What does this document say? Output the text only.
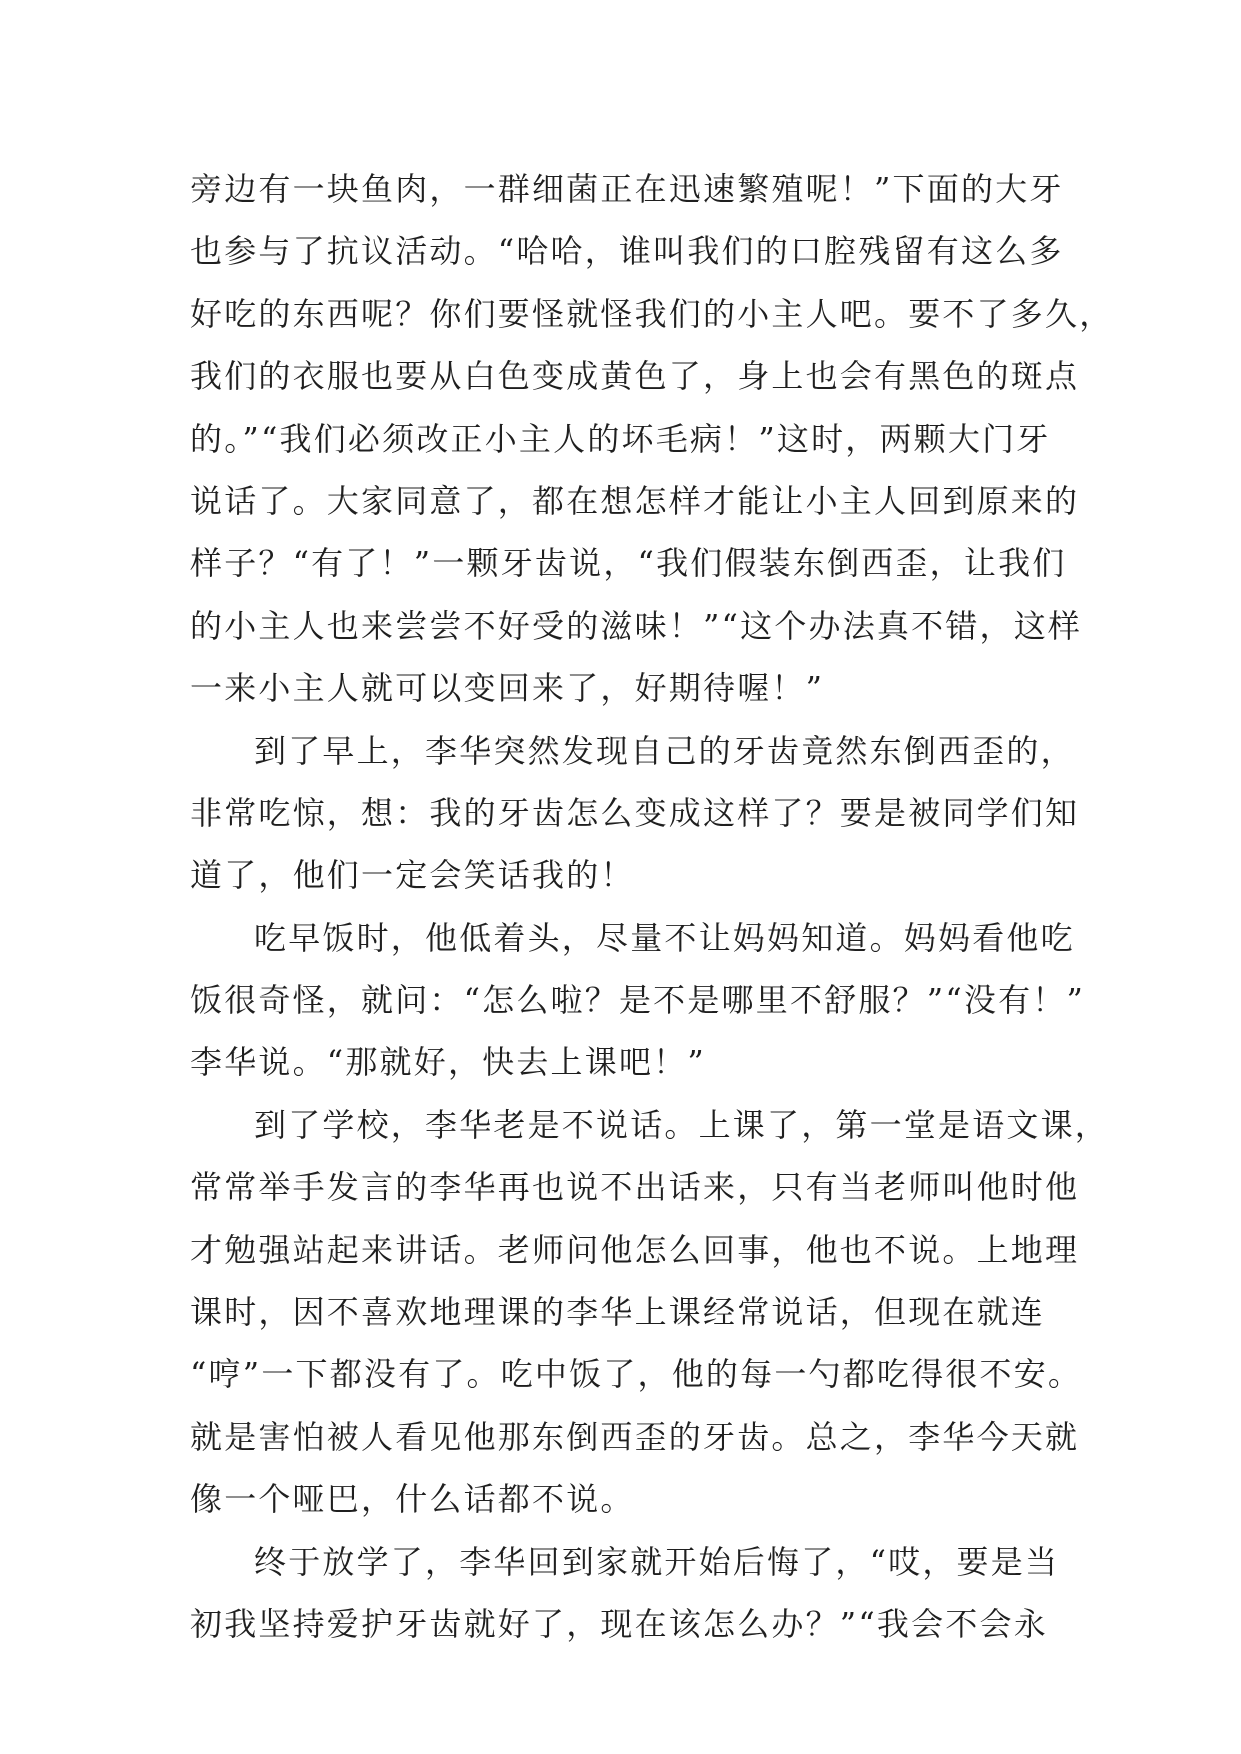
旁边有一块鱼肉，一群细菌正在迅速繁殖呢！”下面的大牙
也参与了抗议活动。“哈哈，谁叫我们的口腔残留有这么多
好吃的东西呢？你们要怪就怪我们的小主人吧。要不了多久，
我们的衣服也要从白色变成黄色了，身上也会有黑色的斑点
的。”“我们必须改正小主人的坏毛病！”这时，两颗大门牙
说话了。大家同意了，都在想怎样才能让小主人回到原来的
样子？“有了！”一颗牙齿说，“我们假装东倒西歪，让我们
的小主人也来尝尝不好受的滋味！”“这个办法真不错，这样
一来小主人就可以变回来了，好期待喔！”
到了早上，李华突然发现自己的牙齿竟然东倒西歪的，
非常吃惊，想：我的牙齿怎么变成这样了？要是被同学们知
道了，他们一定会笑话我的！
吃早饭时，他低着头，尽量不让妈妈知道。妈妈看他吃
饭很奇怪，就问：“怎么啦？是不是哪里不舒服？”“没有！”
李华说。“那就好，快去上课吧！”
到了学校，李华老是不说话。上课了，第一堂是语文课，
常常举手发言的李华再也说不出话来，只有当老师叫他时他
才勉强站起来讲话。老师问他怎么回事，他也不说。上地理
课时，因不喜欢地理课的李华上课经常说话，但现在就连
“哼”一下都没有了。吃中饭了，他的每一勺都吃得很不安。
就是害怕被人看见他那东倒西歪的牙齿。总之，李华今天就
像一个哑巴，什么话都不说。
终于放学了，李华回到家就开始后悔了，“哎，要是当
初我坚持爱护牙齿就好了，现在该怎么办？”“我会不会永
